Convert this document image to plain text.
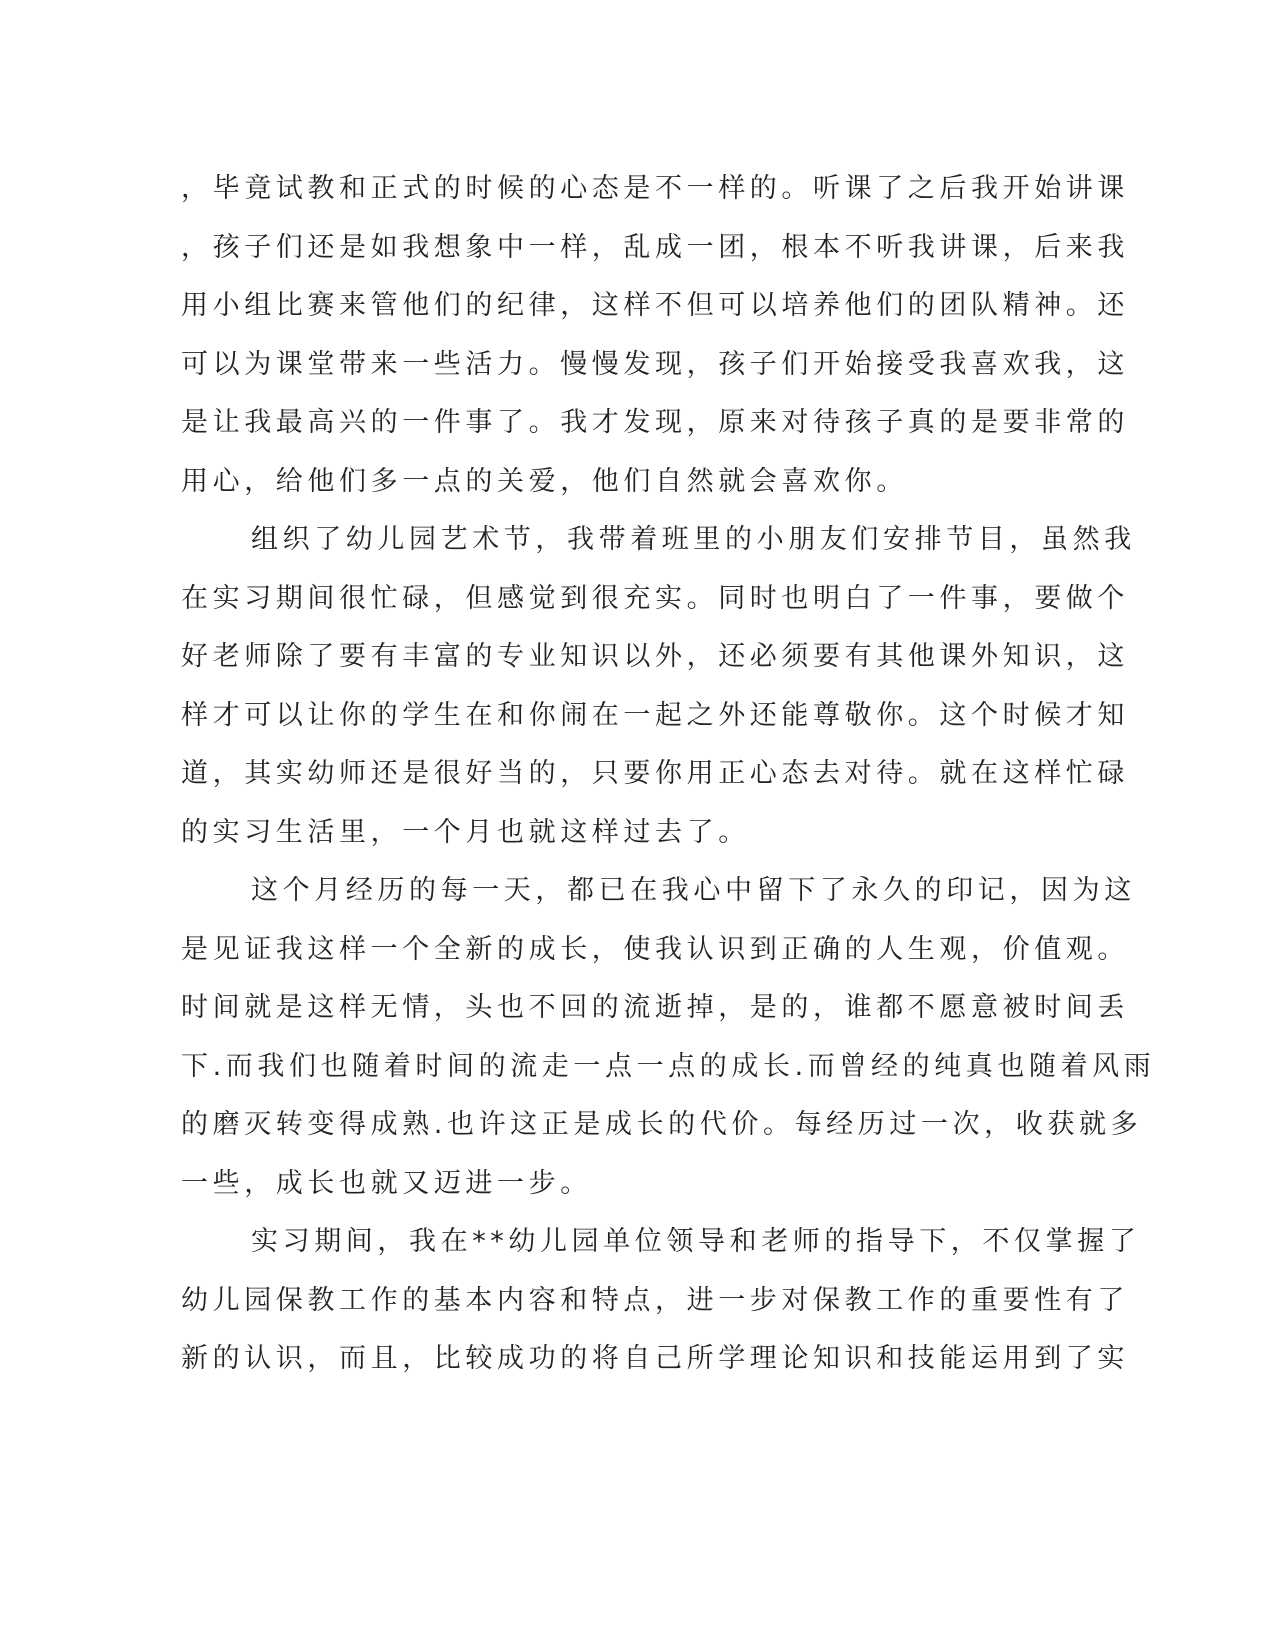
，毕竟试教和正式的时候的心态是不一样的。听课了之后我开始讲课
，孩子们还是如我想象中一样，乱成一团，根本不听我讲课，后来我
用小组比赛来管他们的纪律，这样不但可以培养他们的团队精神。还
可以为课堂带来一些活力。慢慢发现，孩子们开始接受我喜欢我，这
是让我最高兴的一件事了。我才发现，原来对待孩子真的是要非常的
用心，给他们多一点的关爱，他们自然就会喜欢你。
组织了幼儿园艺术节，我带着班里的小朋友们安排节目，虽然我
在实习期间很忙碌，但感觉到很充实。同时也明白了一件事，要做个
好老师除了要有丰富的专业知识以外，还必须要有其他课外知识，这
样才可以让你的学生在和你闹在一起之外还能尊敬你。这个时候才知
道，其实幼师还是很好当的，只要你用正心态去对待。就在这样忙碌
的实习生活里，一个月也就这样过去了。
这个月经历的每一天，都已在我心中留下了永久的印记，因为这
是见证我这样一个全新的成长，使我认识到正确的人生观，价值观。
时间就是这样无情，头也不回的流逝掉，是的，谁都不愿意被时间丢
下.而我们也随着时间的流走一点一点的成长.而曾经的纯真也随着风雨
的磨灭转变得成熟.也许这正是成长的代价。每经历过一次，收获就多
一些，成长也就又迈进一步。
实习期间，我在**幼儿园单位领导和老师的指导下，不仅掌握了
幼儿园保教工作的基本内容和特点，进一步对保教工作的重要性有了
新的认识，而且，比较成功的将自己所学理论知识和技能运用到了实
